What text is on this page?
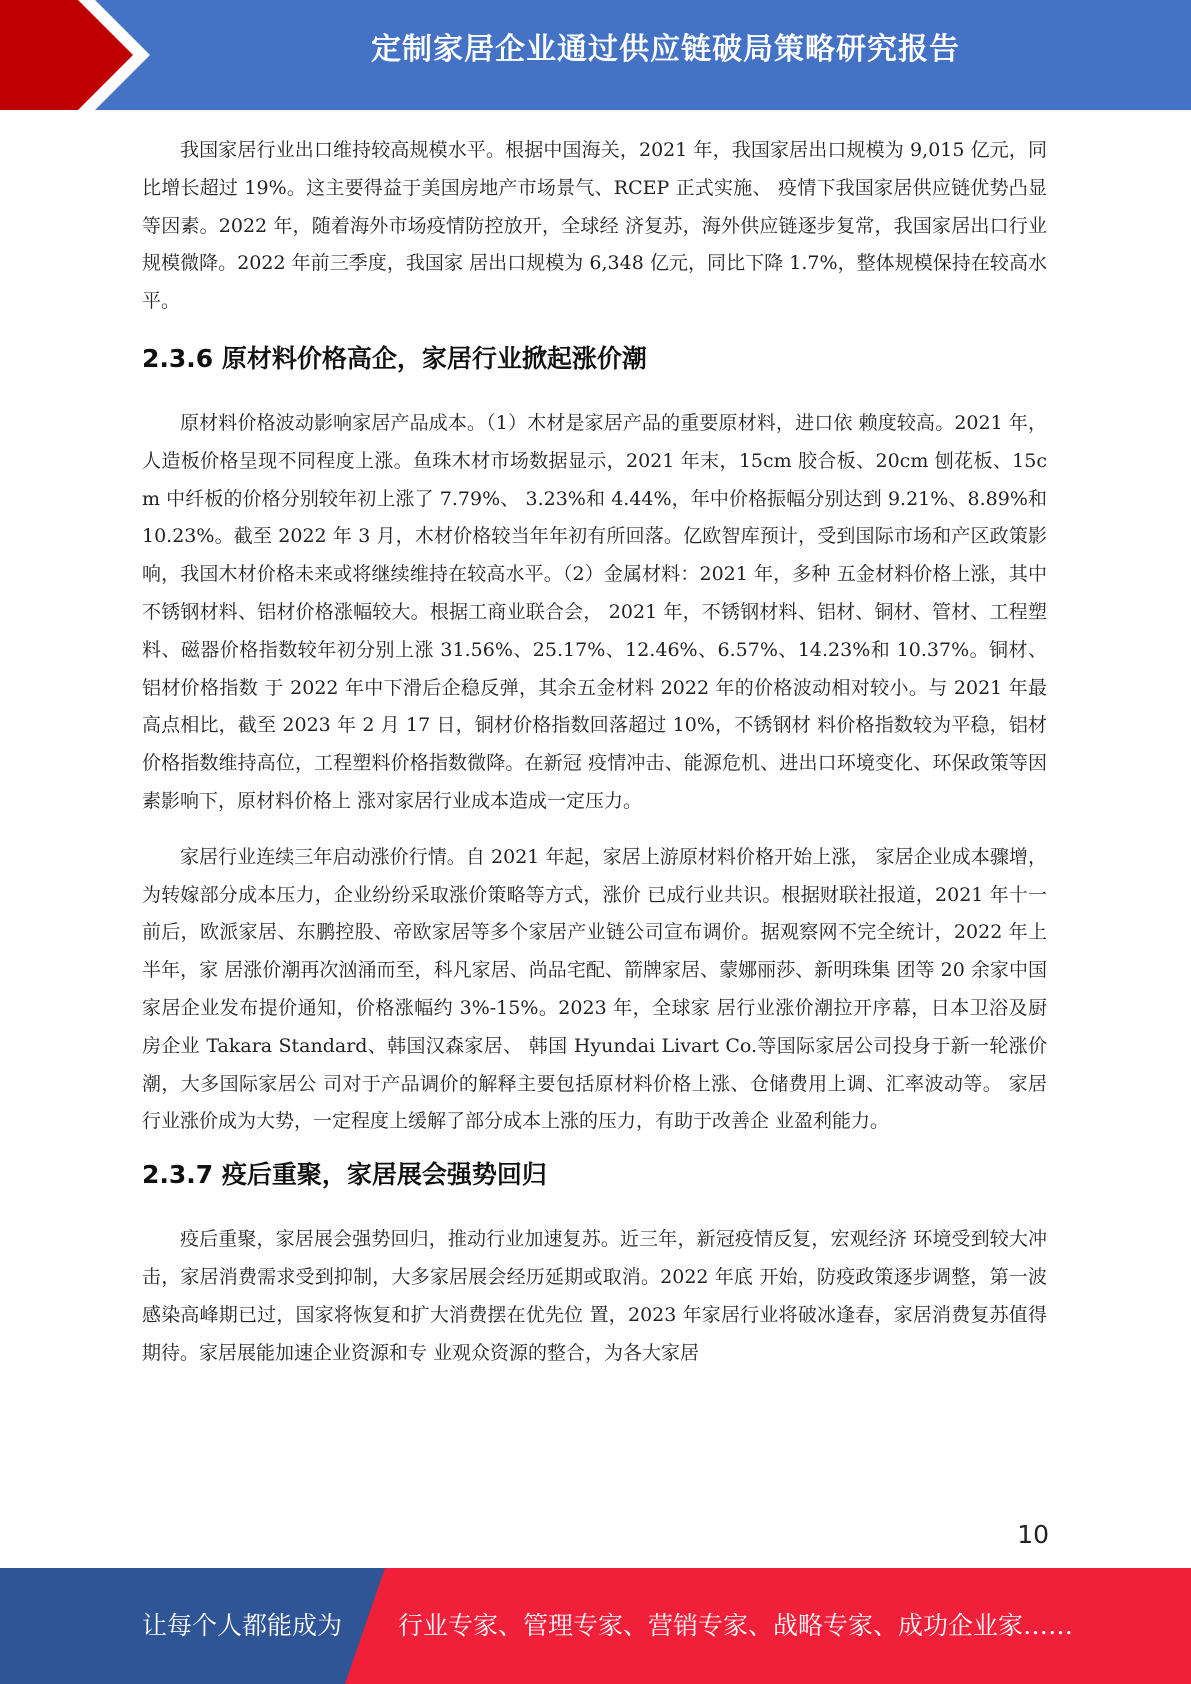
定制家居企业通过供应链破局策略研究报告

我国家居行业出口维持较高规模水平。根据中国海关，2021 年，我国家居出口规模为 9,015 亿元，同比增长超过 19%。这主要得益于美国房地产市场景气、RCEP 正式实施、 疫情下我国家居供应链优势凸显等因素。2022 年，随着海外市场疫情防控放开，全球经 济复苏，海外供应链逐步复常，我国家居出口行业规模微降。2022 年前三季度，我国家 居出口规模为 6,348 亿元，同比下降 1.7%，整体规模保持在较高水平。

2.3.6 原材料价格高企，家居行业掀起涨价潮

原材料价格波动影响家居产品成本。（1）木材是家居产品的重要原材料，进口依 赖度较高。2021 年，人造板价格呈现不同程度上涨。鱼珠木材市场数据显示，2021 年末，15cm 胶合板、20cm 刨花板、15cm 中纤板的价格分别较年初上涨了 7.79%、 3.23%和 4.44%，年中价格振幅分别达到 9.21%、8.89%和 10.23%。截至 2022 年 3 月，木材价格较当年年初有所回落。亿欧智库预计，受到国际市场和产区政策影 响，我国木材价格未来或将继续维持在较高水平。（2）金属材料：2021 年，多种 五金材料价格上涨，其中不锈钢材料、铝材价格涨幅较大。根据工商业联合会， 2021 年，不锈钢材料、铝材、铜材、管材、工程塑料、磁器价格指数较年初分别上涨 31.56%、25.17%、12.46%、6.57%、14.23%和 10.37%。铜材、铝材价格指数 于 2022 年中下滑后企稳反弹，其余五金材料 2022 年的价格波动相对较小。与 2021 年最高点相比，截至 2023 年 2 月 17 日，铜材价格指数回落超过 10%，不锈钢材 料价格指数较为平稳，铝材价格指数维持高位，工程塑料价格指数微降。在新冠 疫情冲击、能源危机、进出口环境变化、环保政策等因素影响下，原材料价格上 涨对家居行业成本造成一定压力。

家居行业连续三年启动涨价行情。自 2021 年起，家居上游原材料价格开始上涨， 家居企业成本骤增，为转嫁部分成本压力，企业纷纷采取涨价策略等方式，涨价 已成行业共识。根据财联社报道，2021 年十一前后，欧派家居、东鹏控股、帝欧家居等多个家居产业链公司宣布调价。据观察网不完全统计，2022 年上半年，家 居涨价潮再次汹涌而至，科凡家居、尚品宅配、箭牌家居、蒙娜丽莎、新明珠集 团等 20 余家中国家居企业发布提价通知，价格涨幅约 3%-15%。2023 年，全球家 居行业涨价潮拉开序幕，日本卫浴及厨房企业 Takara Standard、韩国汉森家居、 韩国 Hyundai Livart Co.等国际家居公司投身于新一轮涨价潮，大多国际家居公 司对于产品调价的解释主要包括原材料价格上涨、仓储费用上调、汇率波动等。 家居行业涨价成为大势，一定程度上缓解了部分成本上涨的压力，有助于改善企 业盈利能力。

2.3.7 疫后重聚，家居展会强势回归

疫后重聚，家居展会强势回归，推动行业加速复苏。近三年，新冠疫情反复，宏观经济 环境受到较大冲击，家居消费需求受到抑制，大多家居展会经历延期或取消。2022 年底 开始，防疫政策逐步调整，第一波感染高峰期已过，国家将恢复和扩大消费摆在优先位 置，2023 年家居行业将破冰逢春，家居消费复苏值得期待。家居展能加速企业资源和专 业观众资源的整合，为各大家居

10
让每个人都能成为 行业专家、管理专家、营销专家、战略专家、成功企业家……
